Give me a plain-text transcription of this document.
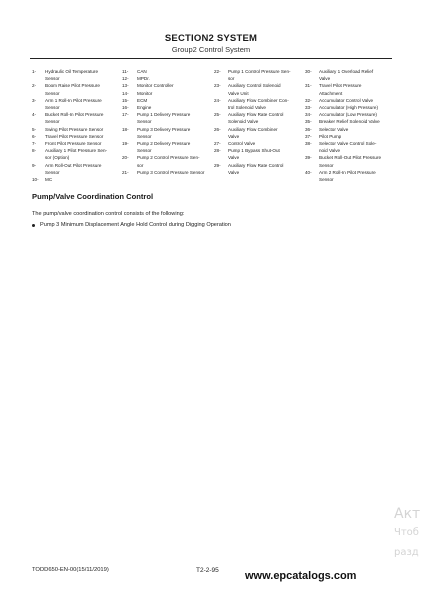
SECTION2 SYSTEM
Group2 Control System
1-	Hydraulic Oil Temperature
Sensor
2-	Boom Raise Pilot Pressure
Sensor
3-	Arm 1 Roll-In Pilot Pressure
Sensor
4-	Bucket Roll-In Pilot Pressure
Sensor
5-	Swing Pilot Pressure Sensor
6-	Travel Pilot Pressure Sensor
7-	Front Pilot Pressure Sensor
8-	Auxiliary 1 Pilot Pressure Sen-
sor (Option)
9-	Arm Roll-Out Pilot Pressure
Sensor
10-	MC
11-	CAN
12-	MPDr.
13-	Monitor Controller
14-	Monitor
15-	ECM
16-	Engine
17-	Pump 1 Delivery Pressure
Sensor
18-	Pump 3 Delivery Pressure
Sensor
19-	Pump 2 Delivery Pressure
Sensor
20-	Pump 2 Control Pressure Sen-
sor
21-	Pump 3 Control Pressure Sensor
22-	Pump 1 Control Pressure Sen-
sor
23-	Auxiliary Control Solenoid
Valve Unit
24-	Auxiliary Flow Combiner Con-
trol Solenoid Valve
25-	Auxiliary Flow Rate Control
Solenoid Valve
26-	Auxiliary Flow Combiner
Valve
27-	Control Valve
28-	Pump 1 Bypass Shut-Out
Valve
29-	Auxiliary Flow Rate Control
Valve
30-	Auxiliary 1 Overload Relief
Valve
31-	Travel Pilot Pressure
Attachment
32-	Accumulator Control Valve
33-	Accumulator (High Pressure)
34-	Accumulator (Low Pressure)
35-	Breaker Relief Solenoid Valve
36-	Selector Valve
37-	Pilot Pump
38-	Selector Valve Control Sole-
noid Valve
39-	Bucket Roll-Out Pilot Pressure
Sensor
40-	Arm 2 Roll-In Pilot Pressure
Sensor
Pump/Valve Coordination Control
The pump/valve coordination control consists of the following:
Pump 3 Minimum Displacement Angle Hold Control during Digging Operation
Акт
Чтоб
разд
TODD650-EN-00(15/11/2019)	T2-2-95 www.epcatalogs.com
